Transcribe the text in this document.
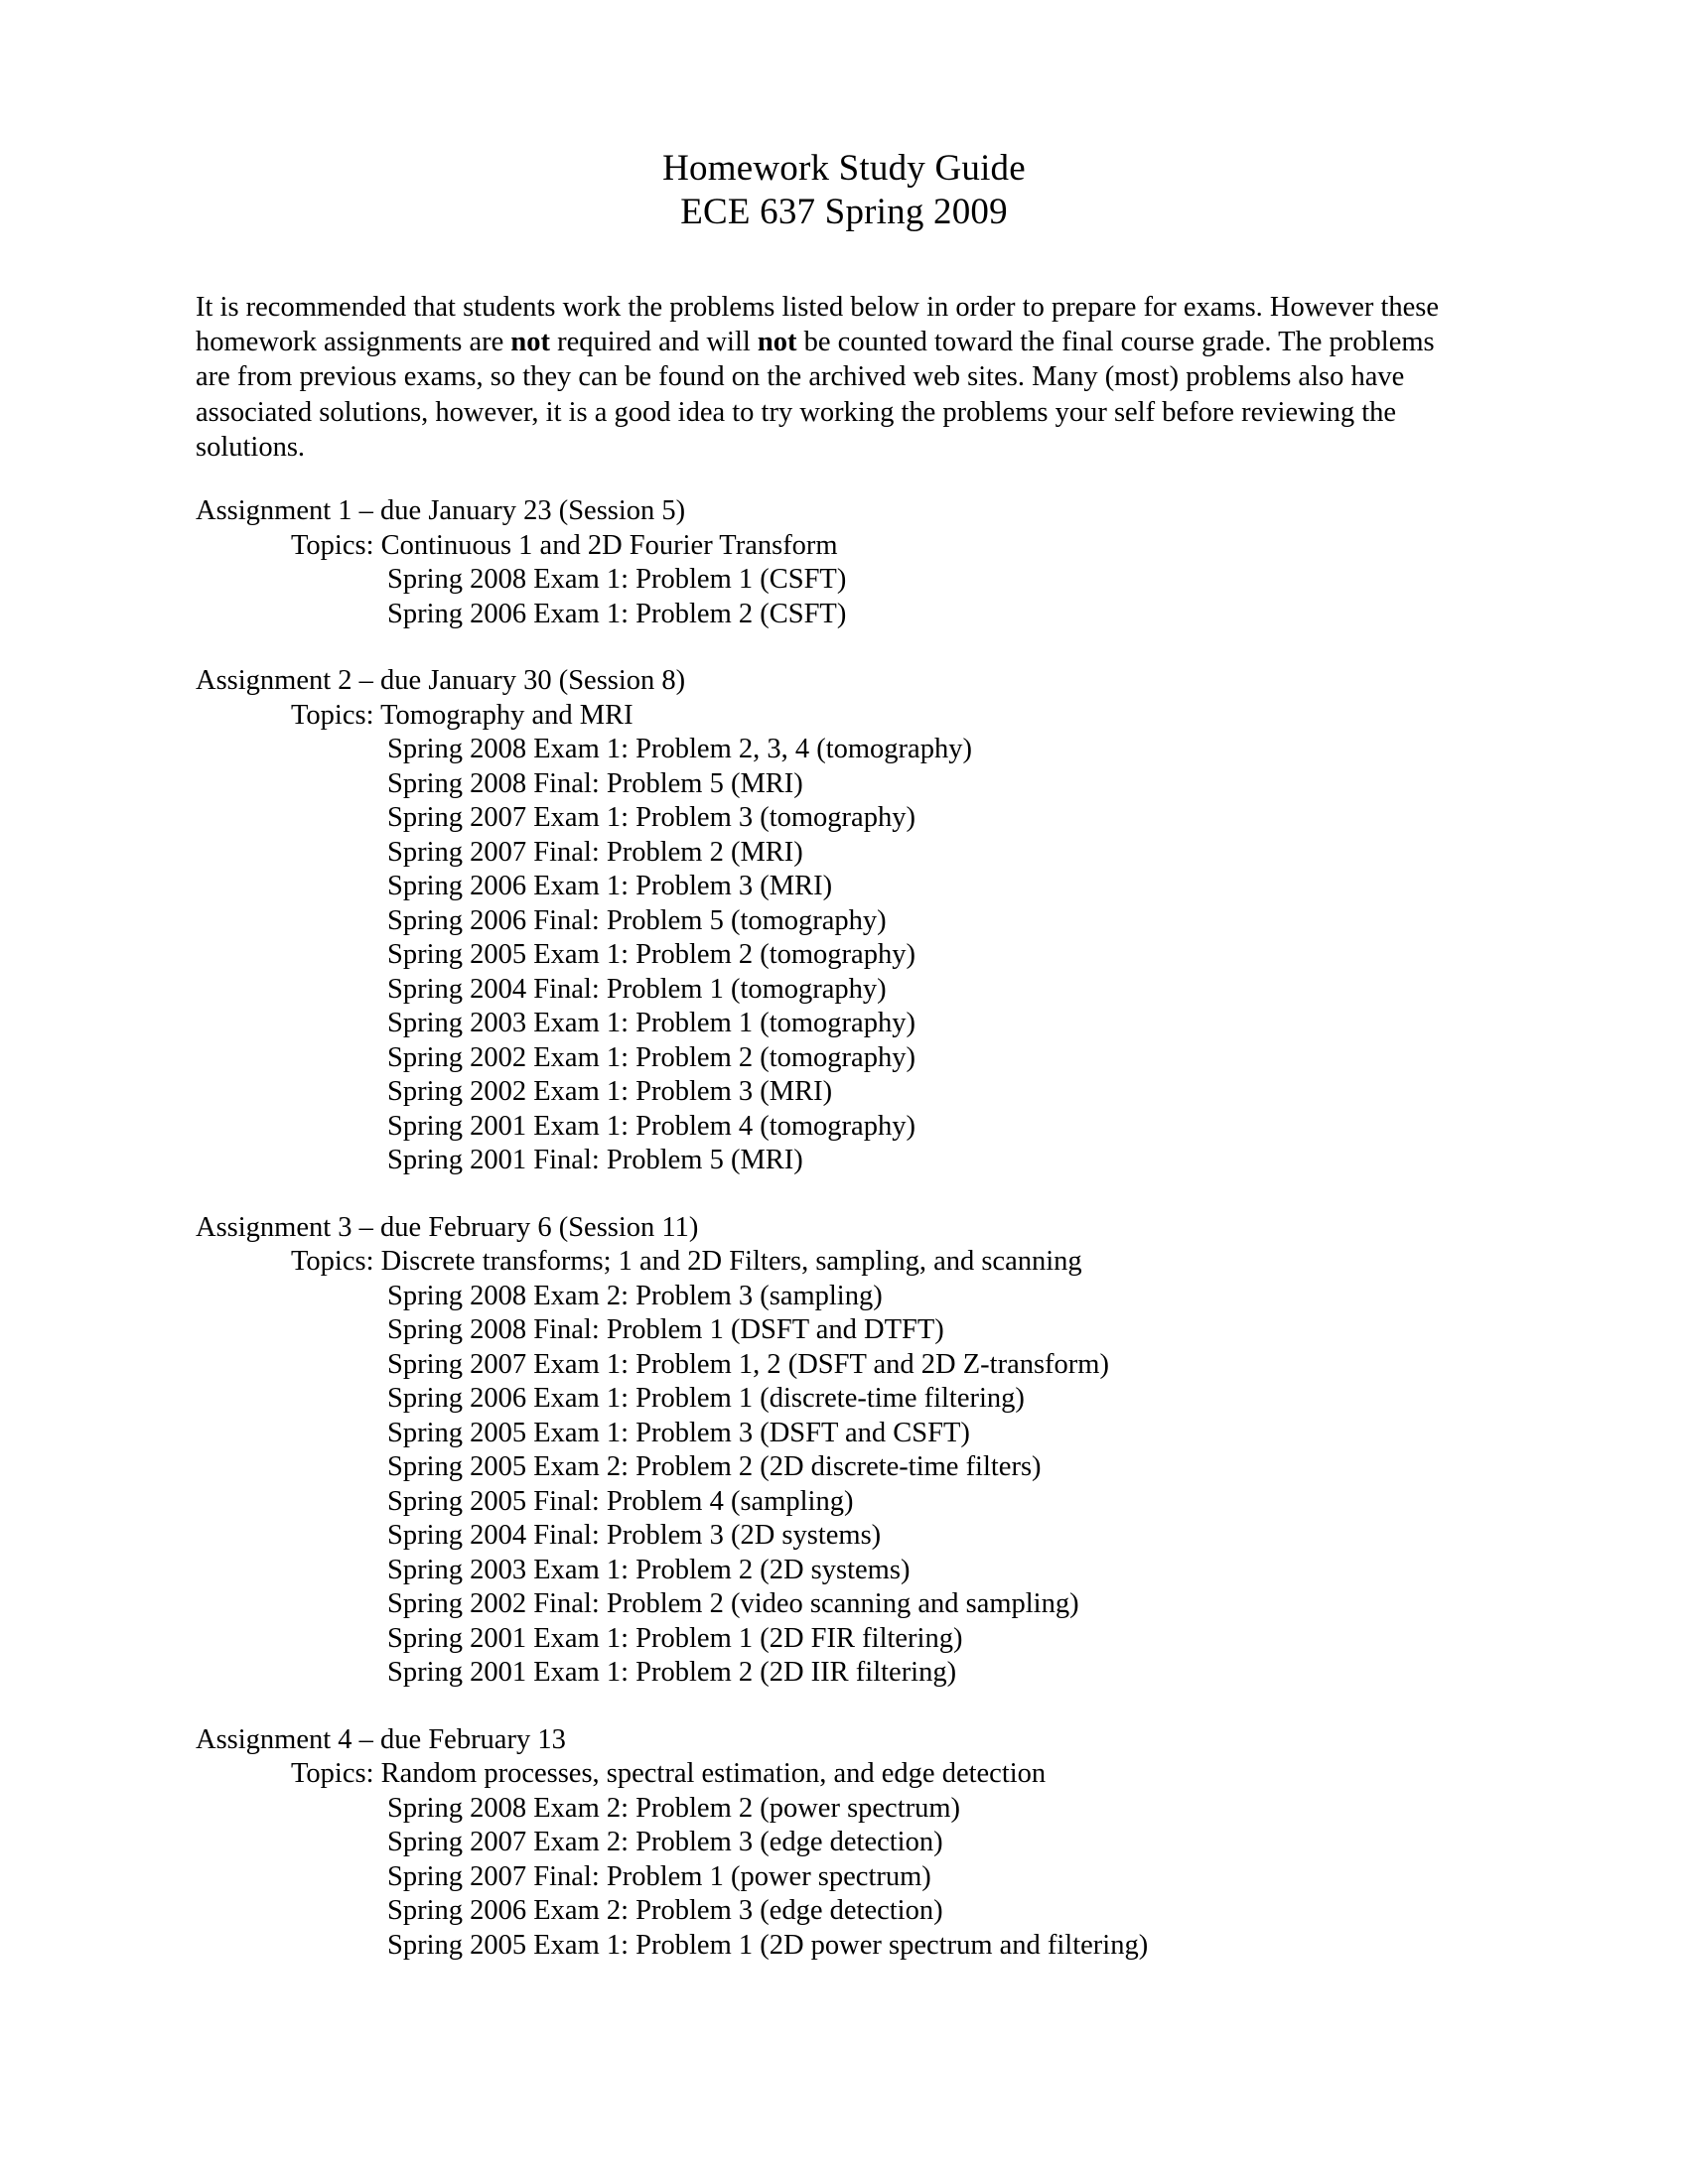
Homework Study Guide
ECE 637 Spring 2009

It is recommended that students work the problems listed below in order to prepare for exams. However these homework assignments are not required and will not be counted toward the final course grade. The problems are from previous exams, so they can be found on the archived web sites. Many (most) problems also have associated solutions, however, it is a good idea to try working the problems your self before reviewing the solutions.

Assignment 1 – due January 23 (Session 5)
Topics: Continuous 1 and 2D Fourier Transform
Spring 2008 Exam 1: Problem 1 (CSFT)
Spring 2006 Exam 1: Problem 2 (CSFT)
Assignment 2 – due January 30 (Session 8)
Topics: Tomography and MRI
Spring 2008 Exam 1: Problem 2, 3, 4 (tomography)
Spring 2008 Final: Problem 5 (MRI)
Spring 2007 Exam 1: Problem 3 (tomography)
Spring 2007 Final: Problem 2 (MRI)
Spring 2006 Exam 1: Problem 3 (MRI)
Spring 2006 Final: Problem 5 (tomography)
Spring 2005 Exam 1: Problem 2 (tomography)
Spring 2004 Final: Problem 1 (tomography)
Spring 2003 Exam 1: Problem 1 (tomography)
Spring 2002 Exam 1: Problem 2 (tomography)
Spring 2002 Exam 1: Problem 3 (MRI)
Spring 2001 Exam 1: Problem 4 (tomography)
Spring 2001 Final: Problem 5 (MRI)
Assignment 3 – due February 6 (Session 11)
Topics: Discrete transforms; 1 and 2D Filters, sampling, and scanning
Spring 2008 Exam 2: Problem 3 (sampling)
Spring 2008 Final: Problem 1 (DSFT and DTFT)
Spring 2007 Exam 1: Problem 1, 2 (DSFT and 2D Z-transform)
Spring 2006 Exam 1: Problem 1 (discrete-time filtering)
Spring 2005 Exam 1: Problem 3 (DSFT and CSFT)
Spring 2005 Exam 2: Problem 2 (2D discrete-time filters)
Spring 2005 Final: Problem 4 (sampling)
Spring 2004 Final: Problem 3 (2D systems)
Spring 2003 Exam 1: Problem 2 (2D systems)
Spring 2002 Final: Problem 2 (video scanning and sampling)
Spring 2001 Exam 1: Problem 1 (2D FIR filtering)
Spring 2001 Exam 1: Problem 2 (2D IIR filtering)
Assignment 4 – due February 13
Topics: Random processes, spectral estimation, and edge detection
Spring 2008 Exam 2: Problem 2 (power spectrum)
Spring 2007 Exam 2: Problem 3 (edge detection)
Spring 2007 Final: Problem 1 (power spectrum)
Spring 2006 Exam 2: Problem 3 (edge detection)
Spring 2005 Exam 1: Problem 1 (2D power spectrum and filtering)
